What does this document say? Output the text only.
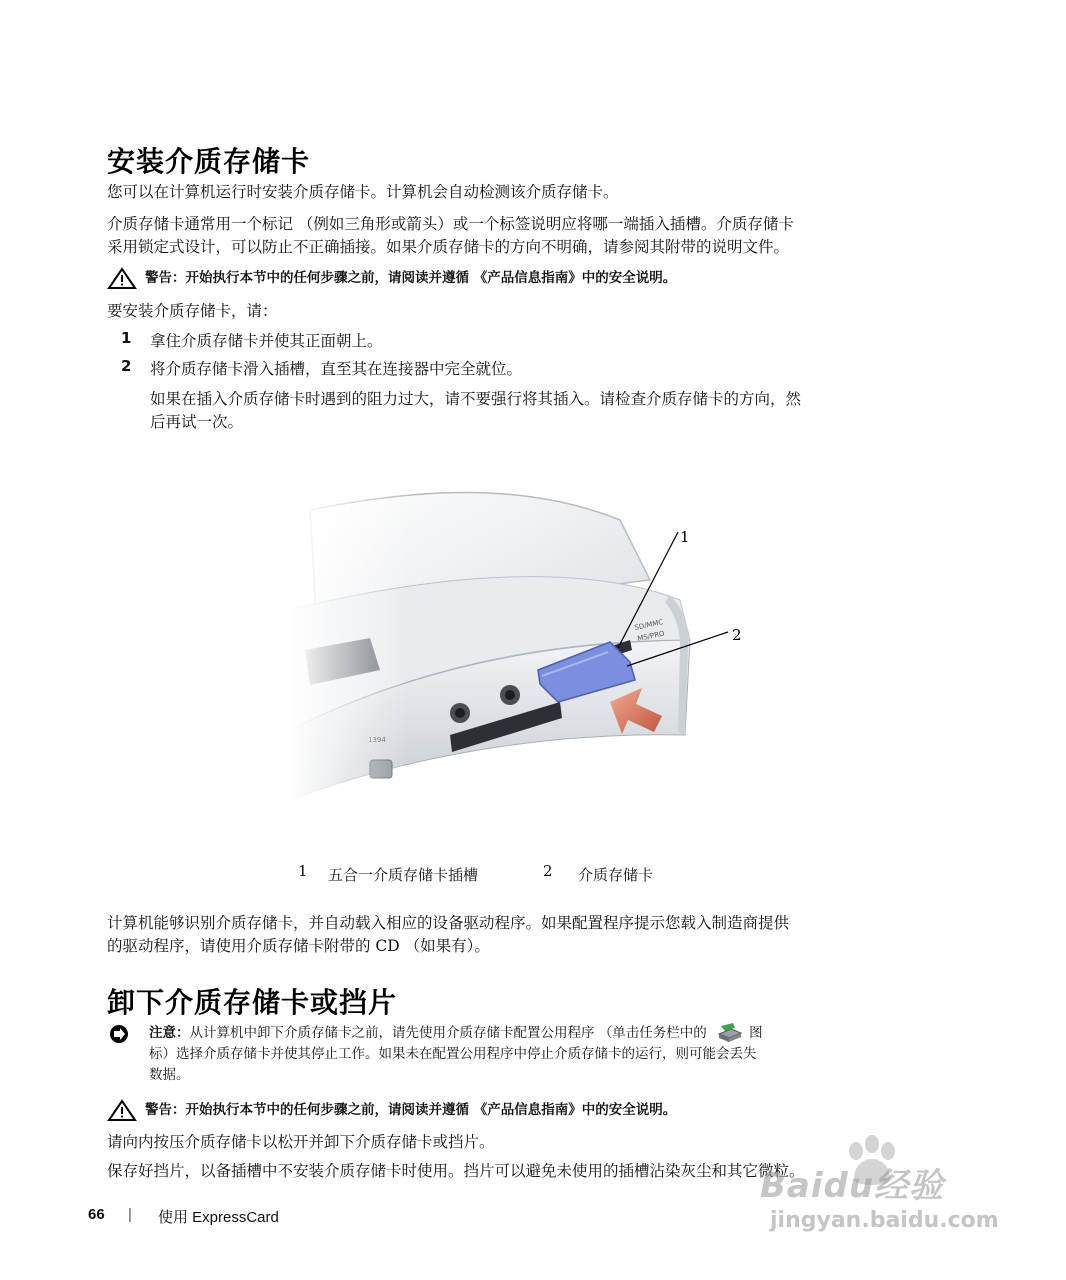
安装介质存储卡
您可以在计算机运行时安装介质存储卡。计算机会自动检测该介质存储卡。
介质存储卡通常用一个标记 （例如三角形或箭头）或一个标签说明应将哪一端插入插槽。介质存储卡
采用锁定式设计，可以防止不正确插接。如果介质存储卡的方向不明确，请参阅其附带的说明文件。
警告：开始执行本节中的任何步骤之前，请阅读并遵循 《产品信息指南》中的安全说明。
要安装介质存储卡，请：
1 拿住介质存储卡并使其正面朝上。
2 将介质存储卡滑入插槽，直至其在连接器中完全就位。
如果在插入介质存储卡时遇到的阻力过大，请不要强行将其插入。请检查介质存储卡的方向，然
后再试一次。
1 五合一介质存储卡插槽	2 介质存储卡
计算机能够识别介质存储卡，并自动载入相应的设备驱动程序。如果配置程序提示您载入制造商提供
的驱动程序，请使用介质存储卡附带的 CD （如果有）。
卸下介质存储卡或挡片
注意：从计算机中卸下介质存储卡之前，请先使用介质存储卡配置公用程序 （单击任务栏中的	图
标）选择介质存储卡并使其停止工作。如果未在配置公用程序中停止介质存储卡的运行，则可能会丢失
数据。
警告：开始执行本节中的任何步骤之前，请阅读并遵循 《产品信息指南》中的安全说明。
请向内按压介质存储卡以松开并卸下介质存储卡或挡片。
保存好挡片，以备插槽中不安装介质存储卡时使用。挡片可以避免未使用的插槽沾染灰尘和其它微粒。
66 | 使用 ExpressCard
Baidu经验
jingyan.baidu.com
